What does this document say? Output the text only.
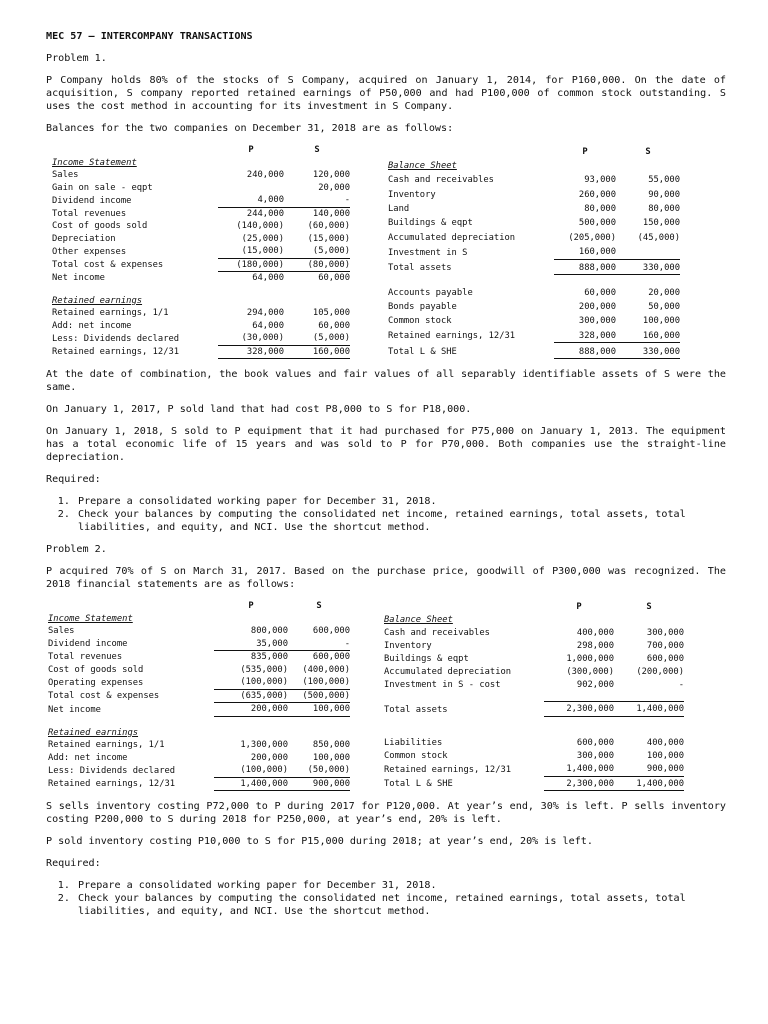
MEC 57 – INTERCOMPANY TRANSACTIONS
Problem 1.
P Company holds 80% of the stocks of S Company, acquired on January 1, 2014, for P160,000. On the date of acquisition, S company reported retained earnings of P50,000 and had P100,000 of common stock outstanding. S uses the cost method in accounting for its investment in S Company.
Balances for the two companies on December 31, 2018 are as follows:
	P	S
Income Statement		
Sales	240,000	120,000
Gain on sale - eqpt		20,000
Dividend income	4,000	-
Total revenues	244,000	140,000
Cost of goods sold	(140,000)	(60,000)
Depreciation	(25,000)	(15,000)
Other expenses	(15,000)	(5,000)
Total cost & expenses	(180,000)	(80,000)
Net income	64,000	60,000

Retained earnings		
Retained earnings, 1/1	294,000	105,000
Add: net income	64,000	60,000
Less: Dividends declared	(30,000)	(5,000)
Retained earnings, 12/31	328,000	160,000
	P	S
Balance Sheet		
Cash and receivables	93,000	55,000
Inventory	260,000	90,000
Land	80,000	80,000
Buildings & eqpt	500,000	150,000
Accumulated depreciation	(205,000)	(45,000)
Investment in S	160,000	
Total assets	888,000	330,000

Accounts payable	60,000	20,000
Bonds payable	200,000	50,000
Common stock	300,000	100,000
Retained earnings, 12/31	328,000	160,000
Total L & SHE	888,000	330,000
At the date of combination, the book values and fair values of all separably identifiable assets of S were the same.
On January 1, 2017, P sold land that had cost P8,000 to S for P18,000.
On January 1, 2018, S sold to P equipment that it had purchased for P75,000 on January 1, 2013. The equipment has a total economic life of 15 years and was sold to P for P70,000. Both companies use the straight-line depreciation.
Required:
1. Prepare a consolidated working paper for December 31, 2018.
2. Check your balances by computing the consolidated net income, retained earnings, total assets, total liabilities, and equity, and NCI. Use the shortcut method.
Problem 2.
P acquired 70% of S on March 31, 2017. Based on the purchase price, goodwill of P300,000 was recognized. The 2018 financial statements are as follows:
	P	S
Income Statement		
Sales	800,000	600,000
Dividend income	35,000	-
Total revenues	835,000	600,000
Cost of goods sold	(535,000)	(400,000)
Operating expenses	(100,000)	(100,000)
Total cost & expenses	(635,000)	(500,000)
Net income	200,000	100,000

Retained earnings		
Retained earnings, 1/1	1,300,000	850,000
Add: net income	200,000	100,000
Less: Dividends declared	(100,000)	(50,000)
Retained earnings, 12/31	1,400,000	900,000
	P	S
Balance Sheet		
Cash and receivables	400,000	300,000
Inventory	298,000	700,000
Buildings & eqpt	1,000,000	600,000
Accumulated depreciation	(300,000)	(200,000)
Investment in S - cost	902,000	-

Total assets	2,300,000	1,400,000

Liabilities	600,000	400,000
Common stock	300,000	100,000
Retained earnings, 12/31	1,400,000	900,000
Total L & SHE	2,300,000	1,400,000
S sells inventory costing P72,000 to P during 2017 for P120,000. At year’s end, 30% is left. P sells inventory costing P200,000 to S during 2018 for P250,000, at year’s end, 20% is left.
P sold inventory costing P10,000 to S for P15,000 during 2018; at year’s end, 20% is left.
Required:
1. Prepare a consolidated working paper for December 31, 2018.
2. Check your balances by computing the consolidated net income, retained earnings, total assets, total liabilities, and equity, and NCI. Use the shortcut method.
